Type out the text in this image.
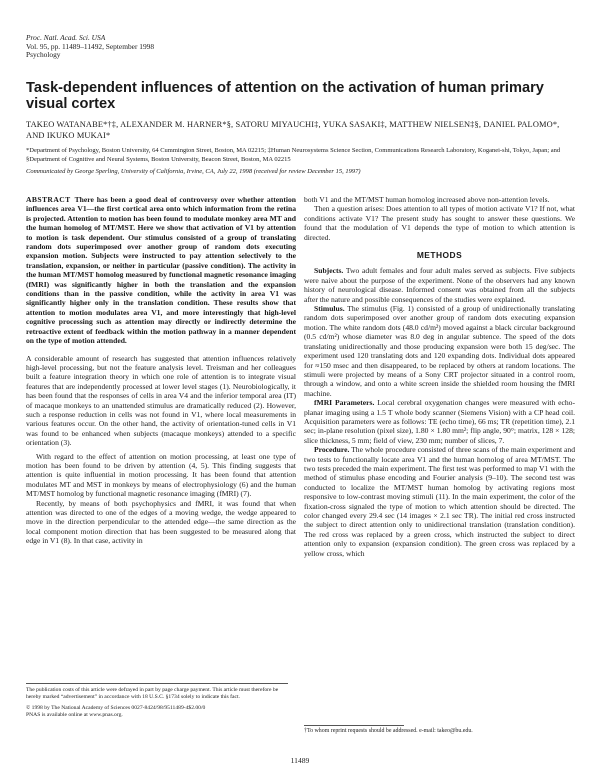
Proc. Natl. Acad. Sci. USA
Vol. 95, pp. 11489–11492, September 1998
Psychology
Task-dependent influences of attention on the activation of human primary visual cortex
TAKEO WATANABE*†‡, ALEXANDER M. HARNER*§, SATORU MIYAUCHI‡, YUKA SASAKI‡, MATTHEW NIELSEN‡§, DANIEL PALOMO*, AND IKUKO MUKAI*
*Department of Psychology, Boston University, 64 Cummington Street, Boston, MA 02215; ‡Human Neurosystems Science Section, Communications Research Laboratory, Koganei-shi, Tokyo, Japan; and §Department of Cognitive and Neural Systems, Boston University, Beacon Street, Boston, MA 02215
Communicated by George Sperling, University of California, Irvine, CA, July 22, 1998 (received for review December 15, 1997)

ABSTRACT There has been a good deal of controversy over whether attention influences area V1—the first cortical area onto which information from the retina is projected. Attention to motion has been found to modulate monkey area MT and the human homolog of MT/MST. Here we show that activation of V1 by attention to motion is task dependent. Our stimulus consisted of a group of translating random dots superimposed over another group of random dots executing expansion motion. Subjects were instructed to pay attention selectively to the translation, expansion, or neither in particular (passive condition). The activity in the human MT/MST homolog measured by functional magnetic resonance imaging (fMRI) was significantly higher in both the translation and the expansion conditions than in the passive condition, while the activity in area V1 was significantly higher only in the translation condition. These results show that attention to motion modulates area V1, and more interestingly that high-level cognitive processing such as attention may directly or indirectly determine the retroactive extent of feedback within the motion pathway in a manner dependent on the type of motion attended.

A considerable amount of research has suggested that attention influences relatively high-level processing, but not the feature analysis level. Treisman and her colleagues built a feature integration theory in which one role of attention is to integrate visual features that are independently processed at lower level stages (1). Neurobiologically, it has been found that the responses of cells in area V4 and the inferior temporal area (IT) of macaque monkeys to an unattended stimulus are dramatically reduced (2). However, such a response reduction in cells was not found in V1, where local measurements in various features occur. On the other hand, the activity of orientation-tuned cells in V1 was found to be enhanced when subjects (macaque monkeys) attended to a specific orientation (3).

With regard to the effect of attention on motion processing, at least one type of motion has been found to be driven by attention (4, 5). This finding suggests that attention is quite influential in motion processing. It has been found that attention modulates MT and MST in monkeys by means of electrophysiology (6) and the human MT/MST homolog by functional magnetic resonance imaging (fMRI) (7).

Recently, by means of both psychophysics and fMRI, it was found that when attention was directed to one of the edges of a moving wedge, the wedge appeared to move in the direction perpendicular to the attended edge—the same direction as the local component motion direction that has been suggested to be measured along that edge in V1 (8). In that case, activity in

both V1 and the MT/MST human homolog increased above non-attention levels.

Then a question arises: Does attention to all types of motion activate V1? If not, what conditions activate V1? The present study has sought to answer these questions. We found that the modulation of V1 depends the type of motion to which attention is directed.

METHODS

Subjects. Two adult females and four adult males served as subjects. Five subjects were naive about the purpose of the experiment. None of the observers had any known history of neurological disease. Informed consent was obtained from all the subjects after the nature and possible consequences of the studies were explained.

Stimulus. The stimulus (Fig. 1) consisted of a group of unidirectionally translating random dots superimposed over another group of random dots executing expansion motion. The white random dots (48.0 cd/m²) moved against a black circular background (0.5 cd/m²) whose diameter was 8.0 deg in angular subtence. The speed of the dots translating unidirectionally and those producing expansion were both 15 deg/sec. The experiment used 120 translating dots and 120 expanding dots. Individual dots appeared for ≈150 msec and then disappeared, to be replaced by others at random locations. The stimuli were projected by means of a Sony CRT projector situated in a control room, through a window, and onto a white screen inside the shielded room housing the fMRI machine.

fMRI Parameters. Local cerebral oxygenation changes were measured with echo-planar imaging using a 1.5 T whole body scanner (Siemens Vision) with a CP head coil. Acquisition parameters were as follows: TE (echo time), 66 ms; TR (repetition time), 2.1 sec; in-plane resolution (pixel size), 1.80 × 1.80 mm²; flip angle, 90°; matrix, 128 × 128; slice thickness, 5 mm; field of view, 230 mm; number of slices, 7.

Procedure. The whole procedure consisted of three scans of the main experiment and two tests to functionally locate area V1 and the human homolog of area MT/MST. The two tests preceded the main experiment. The first test was performed to map V1 with the method of stimulus phase encoding and Fourier analysis (9–10). The second test was conducted to localize the MT/MST human homolog by activating regions most responsive to low-contrast moving stimuli (11). In the main experiment, the color of the fixation-cross signaled the type of motion to which attention should be directed. The color changed every 29.4 sec (14 images × 2.1 sec TR). The initial red cross instructed the subject to direct attention only to unidirectional translation (translation condition). The red cross was replaced by a green cross, which instructed the subject to direct attention only to expansion (expansion condition). The green cross was replaced by a yellow cross, which

The publication costs of this article were defrayed in part by page charge payment. This article must therefore be hereby marked “advertisement” in accordance with 18 U.S.C. §1734 solely to indicate this fact.
© 1998 by The National Academy of Sciences 0027-8424/98/9511489-4$2.00/0
PNAS is available online at www.pnas.org.
†To whom reprint requests should be addressed. e-mail: takeo@bu.edu.
11489
